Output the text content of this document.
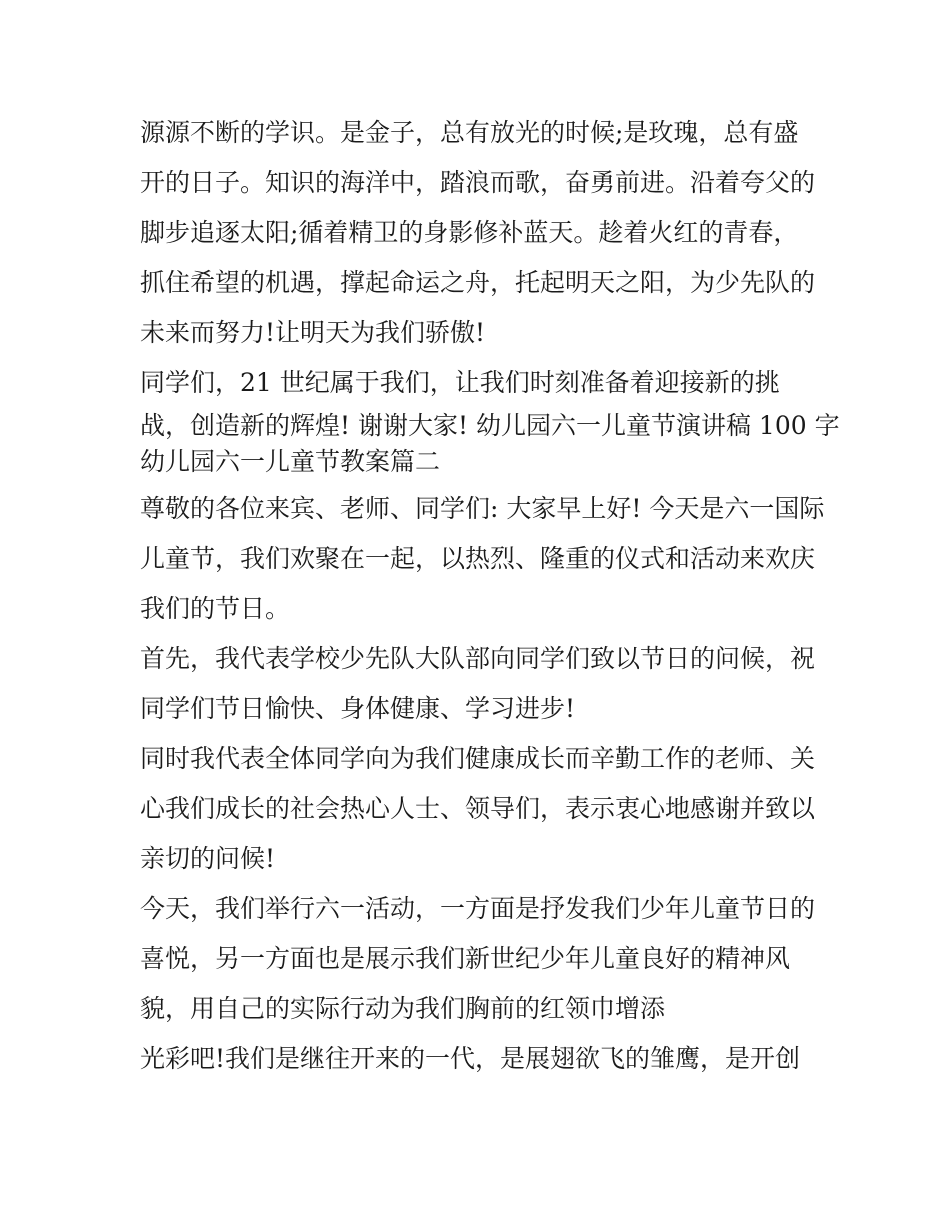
源源不断的学识。是金子，总有放光的时候;是玫瑰，总有盛
开的日子。知识的海洋中，踏浪而歌，奋勇前进。沿着夸父的
脚步追逐太阳;循着精卫的身影修补蓝天。趁着火红的青春，
抓住希望的机遇，撑起命运之舟，托起明天之阳，为少先队的
未来而努力!让明天为我们骄傲!
同学们，21 世纪属于我们，让我们时刻准备着迎接新的挑
战，创造新的辉煌! 谢谢大家! 幼儿园六一儿童节演讲稿 100 字
幼儿园六一儿童节教案篇二
尊敬的各位来宾、老师、同学们: 大家早上好! 今天是六一国际
儿童节，我们欢聚在一起，以热烈、隆重的仪式和活动来欢庆
我们的节日。
首先，我代表学校少先队大队部向同学们致以节日的问候，祝
同学们节日愉快、身体健康、学习进步!
同时我代表全体同学向为我们健康成长而辛勤工作的老师、关
心我们成长的社会热心人士、领导们，表示衷心地感谢并致以
亲切的问候!
今天，我们举行六一活动，一方面是抒发我们少年儿童节日的
喜悦，另一方面也是展示我们新世纪少年儿童良好的精神风
貌，用自己的实际行动为我们胸前的红领巾增添
光彩吧!我们是继往开来的一代，是展翅欲飞的雏鹰，是开创
